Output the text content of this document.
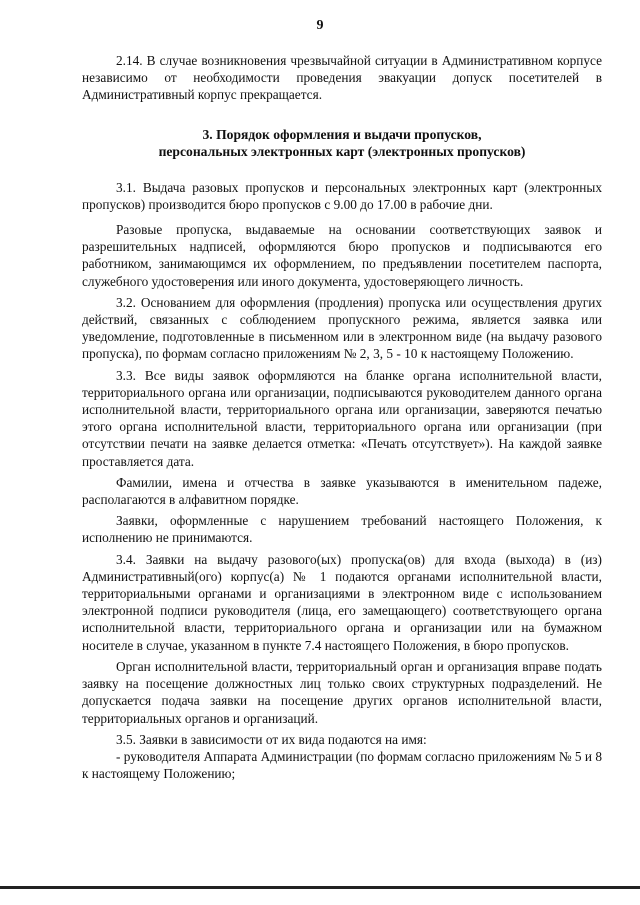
9

2.14. В случае возникновения чрезвычайной ситуации в Административном корпусе независимо от необходимости проведения эвакуации допуск посетителей в Административный корпус прекращается.

3. Порядок оформления и выдачи пропусков,
персональных электронных карт (электронных пропусков)

3.1. Выдача разовых пропусков и персональных электронных карт (электронных пропусков) производится бюро пропусков с 9.00 до 17.00 в рабочие дни.

Разовые пропуска, выдаваемые на основании соответствующих заявок и разрешительных надписей, оформляются бюро пропусков и подписываются его работником, занимающимся их оформлением, по предъявлении посетителем паспорта, служебного удостоверения или иного документа, удостоверяющего личность.

3.2. Основанием для оформления (продления) пропуска или осуществления других действий, связанных с соблюдением пропускного режима, является заявка или уведомление, подготовленные в письменном или в электронном виде (на выдачу разового пропуска), по формам согласно приложениям № 2, 3, 5 - 10 к настоящему Положению.

3.3. Все виды заявок оформляются на бланке органа исполнительной власти, территориального органа или организации, подписываются руководителем данного органа исполнительной власти, территориального органа или организации, заверяются печатью этого органа исполнительной власти, территориального органа или организации (при отсутствии печати на заявке делается отметка: «Печать отсутствует»). На каждой заявке проставляется дата.

Фамилии, имена и отчества в заявке указываются в именительном падеже, располагаются в алфавитном порядке.

Заявки, оформленные с нарушением требований настоящего Положения, к исполнению не принимаются.

3.4. Заявки на выдачу разового(ых) пропуска(ов) для входа (выхода) в (из) Административный(ого) корпус(а) № 1 подаются органами исполнительной власти, территориальными органами и организациями в электронном виде с использованием электронной подписи руководителя (лица, его замещающего) соответствующего органа исполнительной власти, территориального органа и организации или на бумажном носителе в случае, указанном в пункте 7.4 настоящего Положения, в бюро пропусков.

Орган исполнительной власти, территориальный орган и организация вправе подать заявку на посещение должностных лиц только своих структурных подразделений. Не допускается подача заявки на посещение других органов исполнительной власти, территориальных органов и организаций.

3.5. Заявки в зависимости от их вида подаются на имя:

- руководителя Аппарата Администрации (по формам согласно приложениям № 5 и 8 к настоящему Положению;
